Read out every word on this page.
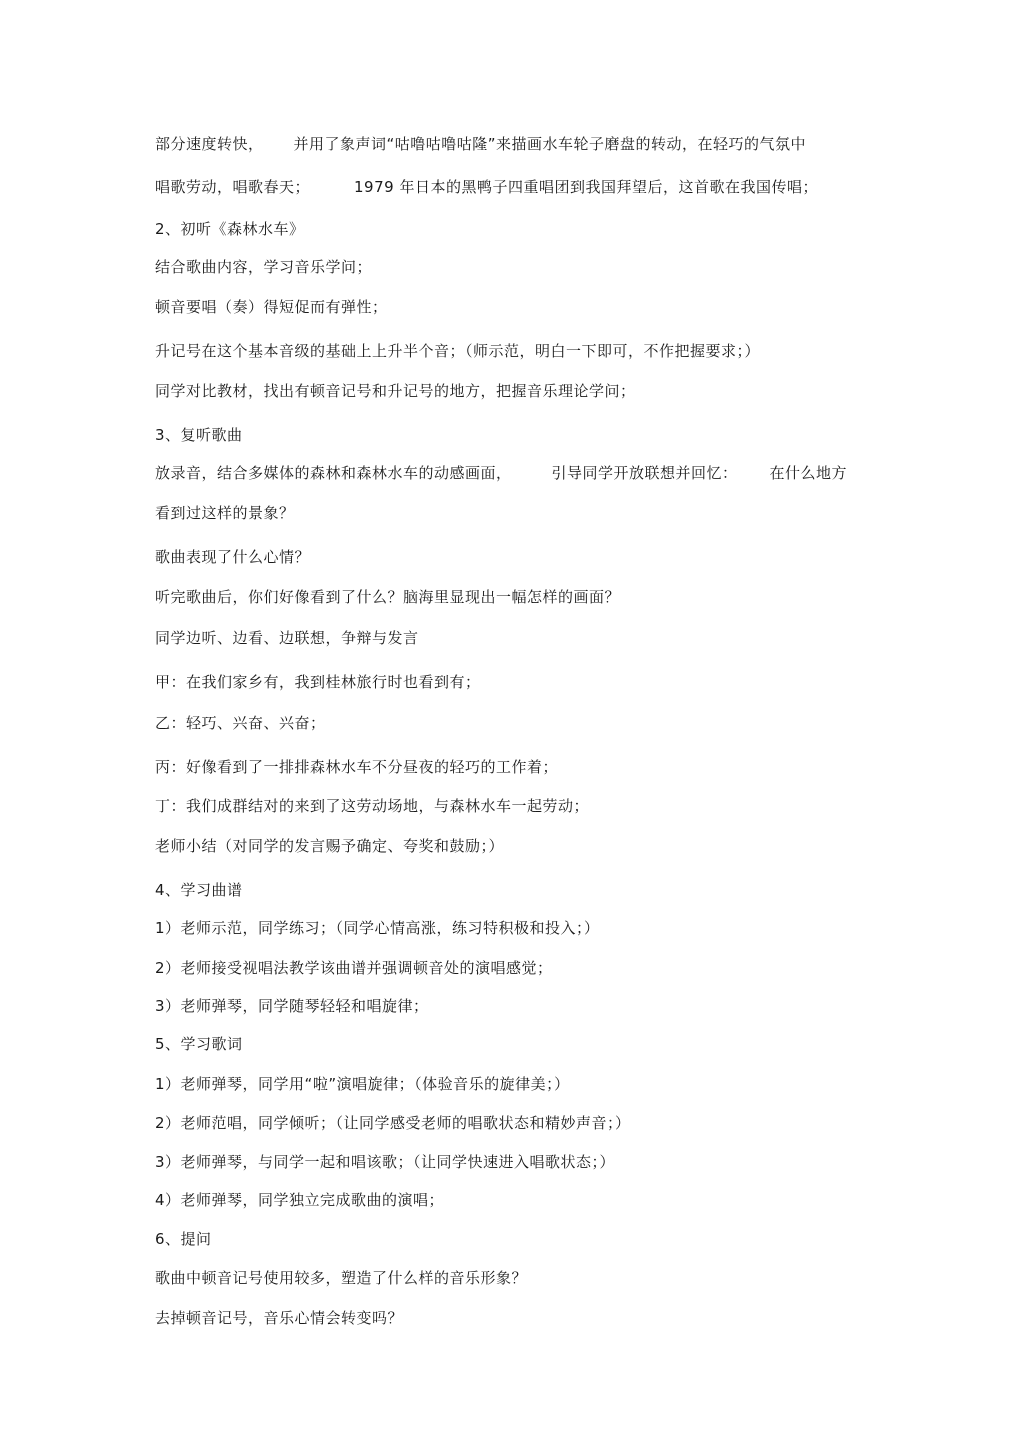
部分速度转快， 并用了象声词“咕噜咕噜咕隆”来描画水车轮子磨盘的转动，在轻巧的气氛中
唱歌劳动，唱歌春天；	1979 年日本的黑鸭子四重唱团到我国拜望后，这首歌在我国传唱；
2、初听《森林水车》
结合歌曲内容，学习音乐学问；
顿音要唱（奏）得短促而有弹性；
升记号在这个基本音级的基础上上升半个音；（师示范，明白一下即可，不作把握要求；）
同学对比教材，找出有顿音记号和升记号的地方，把握音乐理论学问；
3、复听歌曲
放录音，结合多媒体的森林和森林水车的动感画面，	引导同学开放联想并回忆： 在什么地方
看到过这样的景象？
歌曲表现了什么心情？
听完歌曲后，你们好像看到了什么？脑海里显现出一幅怎样的画面？
同学边听、边看、边联想，争辩与发言
甲：在我们家乡有，我到桂林旅行时也看到有；
乙：轻巧、兴奋、兴奋；
丙：好像看到了一排排森林水车不分昼夜的轻巧的工作着；
丁：我们成群结对的来到了这劳动场地，与森林水车一起劳动；
老师小结（对同学的发言赐予确定、夸奖和鼓励；）
4、学习曲谱
1）老师示范，同学练习；（同学心情高涨，练习特积极和投入；）
2）老师接受视唱法教学该曲谱并强调顿音处的演唱感觉；
3）老师弹琴，同学随琴轻轻和唱旋律；
5、学习歌词
1）老师弹琴，同学用“啦”演唱旋律；（体验音乐的旋律美；）
2）老师范唱，同学倾听；（让同学感受老师的唱歌状态和精妙声音；）
3）老师弹琴，与同学一起和唱该歌；（让同学快速进入唱歌状态；）
4）老师弹琴，同学独立完成歌曲的演唱；
6、提问
歌曲中顿音记号使用较多，塑造了什么样的音乐形象？
去掉顿音记号，音乐心情会转变吗？
